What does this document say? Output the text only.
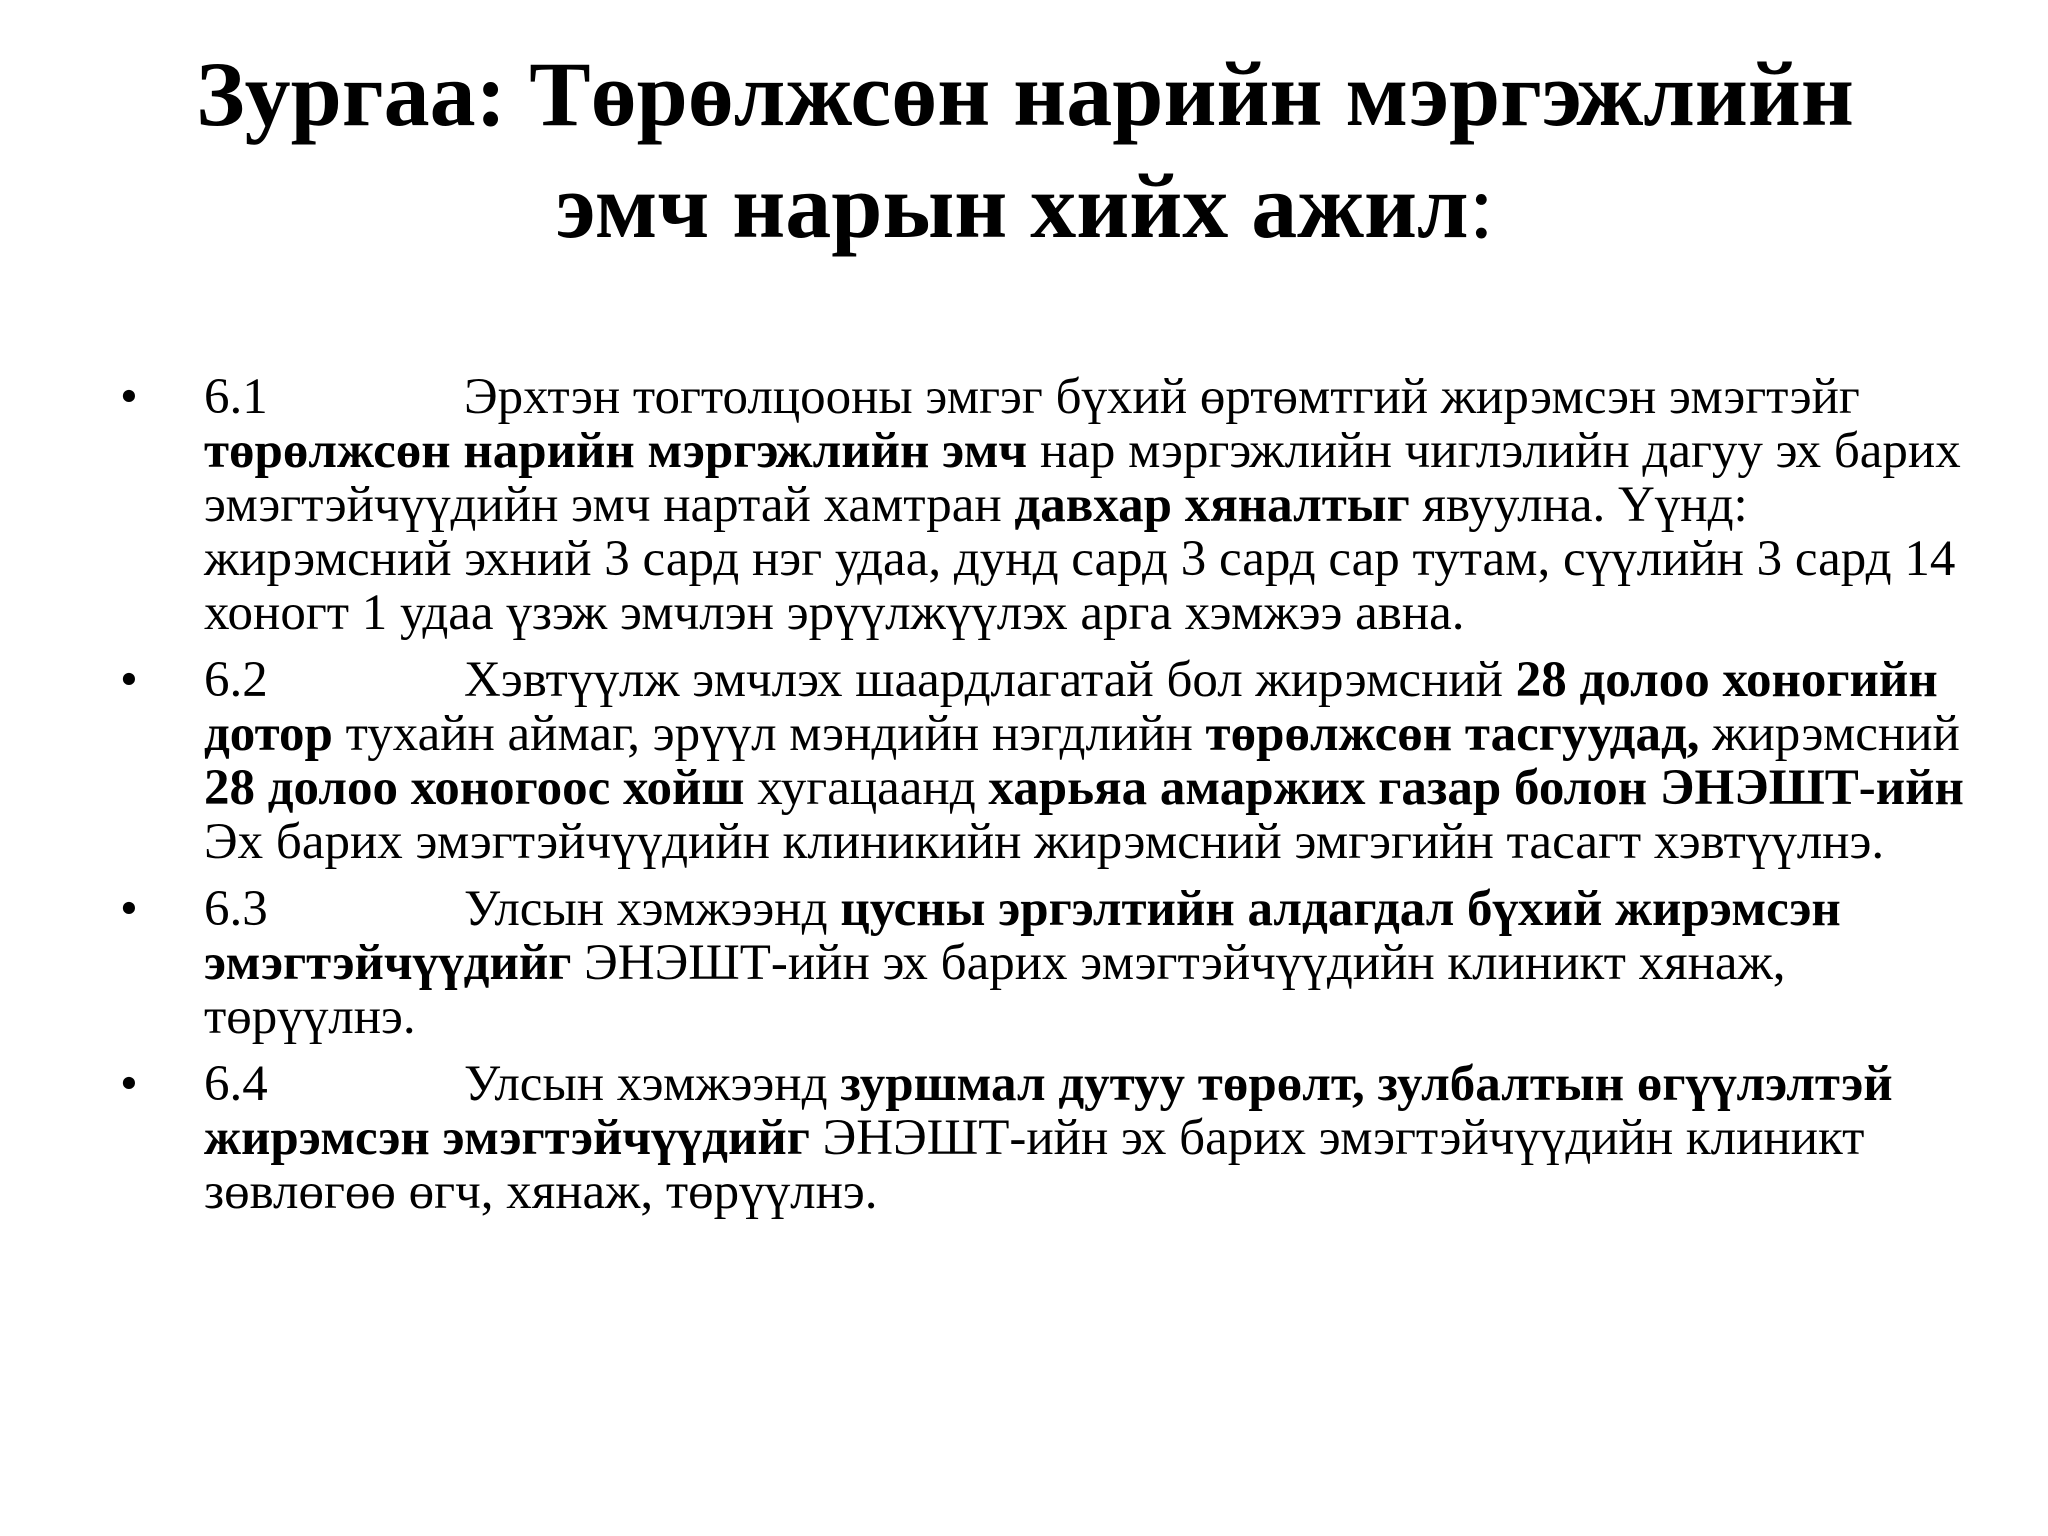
Зургаа: Төрөлжсөн нарийн мэргэжлийн
эмч нарын хийх ажил:
•	6.1	Эрхтэн тогтолцооны эмгэг бүхий өртөмтгий жирэмсэн эмэгтэйг төрөлжсөн нарийн мэргэжлийн эмч нар мэргэжлийн чиглэлийн дагуу эх барих эмэгтэйчүүдийн эмч нартай хамтран давхар хяналтыг явуулна. Үүнд: жирэмсний эхний 3 сард нэг удаа, дунд сард 3 сард сар тутам, сүүлийн 3 сард 14 хоногт 1 удаа үзэж эмчлэн эрүүлжүүлэх арга хэмжээ авна.
•	6.2	Хэвтүүлж эмчлэх шаардлагатай бол жирэмсний 28 долоо хоногийн дотор тухайн аймаг, эрүүл мэндийн нэгдлийн төрөлжсөн тасгуудад, жирэмсний 28 долоо хоногоос хойш хугацаанд харьяа амаржих газар болон ЭНЭШТ-ийн Эх барих эмэгтэйчүүдийн клиникийн жирэмсний эмгэгийн тасагт хэвтүүлнэ.
•	6.3	Улсын хэмжээнд цусны эргэлтийн алдагдал бүхий жирэмсэн эмэгтэйчүүдийг ЭНЭШТ-ийн эх барих эмэгтэйчүүдийн клиникт хянаж, төрүүлнэ.
•	6.4	Улсын хэмжээнд зуршмал дутуу төрөлт, зулбалтын өгүүлэлтэй жирэмсэн эмэгтэйчүүдийг ЭНЭШТ-ийн эх барих эмэгтэйчүүдийн клиникт зөвлөгөө өгч, хянаж, төрүүлнэ.
